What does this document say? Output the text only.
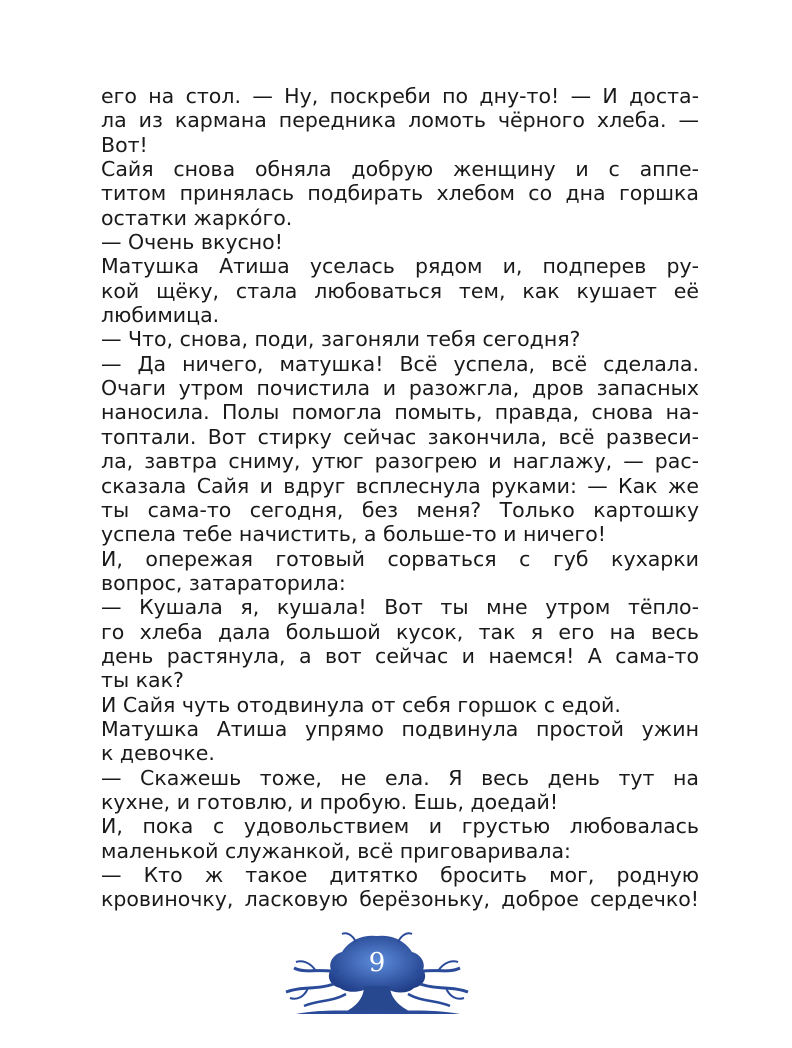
его на стол. — Ну, поскреби по дну-то! — И доста-
ла из кармана передника ломоть чёрного хлеба. —
Вот!
Сайя снова обняла добрую женщину и с аппе-
титом принялась подбирать хлебом со дна горшка
остатки жаркóго.
— Очень вкусно!
Матушка Атиша уселась рядом и, подперев ру-
кой щёку, стала любоваться тем, как кушает её
любимица.
— Что, снова, поди, загоняли тебя сегодня?
— Да ничего, матушка! Всё успела, всё сделала.
Очаги утром почистила и разожгла, дров запасных
наносила. Полы помогла помыть, правда, снова на-
топтали. Вот стирку сейчас закончила, всё развеси-
ла, завтра сниму, утюг разогрею и наглажу, — рас-
сказала Сайя и вдруг всплеснула руками: — Как же
ты сама-то сегодня, без меня? Только картошку
успела тебе начистить, а больше-то и ничего!
И, опережая готовый сорваться с губ кухарки
вопрос, затараторила:
— Кушала я, кушала! Вот ты мне утром тёпло-
го хлеба дала большой кусок, так я его на весь
день растянула, а вот сейчас и наемся! А сама-то
ты как?
И Сайя чуть отодвинула от себя горшок с едой.
Матушка Атиша упрямо подвинула простой ужин
к девочке.
— Скажешь тоже, не ела. Я весь день тут на
кухне, и готовлю, и пробую. Ешь, доедай!
И, пока с удовольствием и грустью любовалась
маленькой служанкой, всё приговаривала:
— Кто ж такое дитятко бросить мог, родную
кровиночку, ласковую берёзоньку, доброе сердечко!
9
